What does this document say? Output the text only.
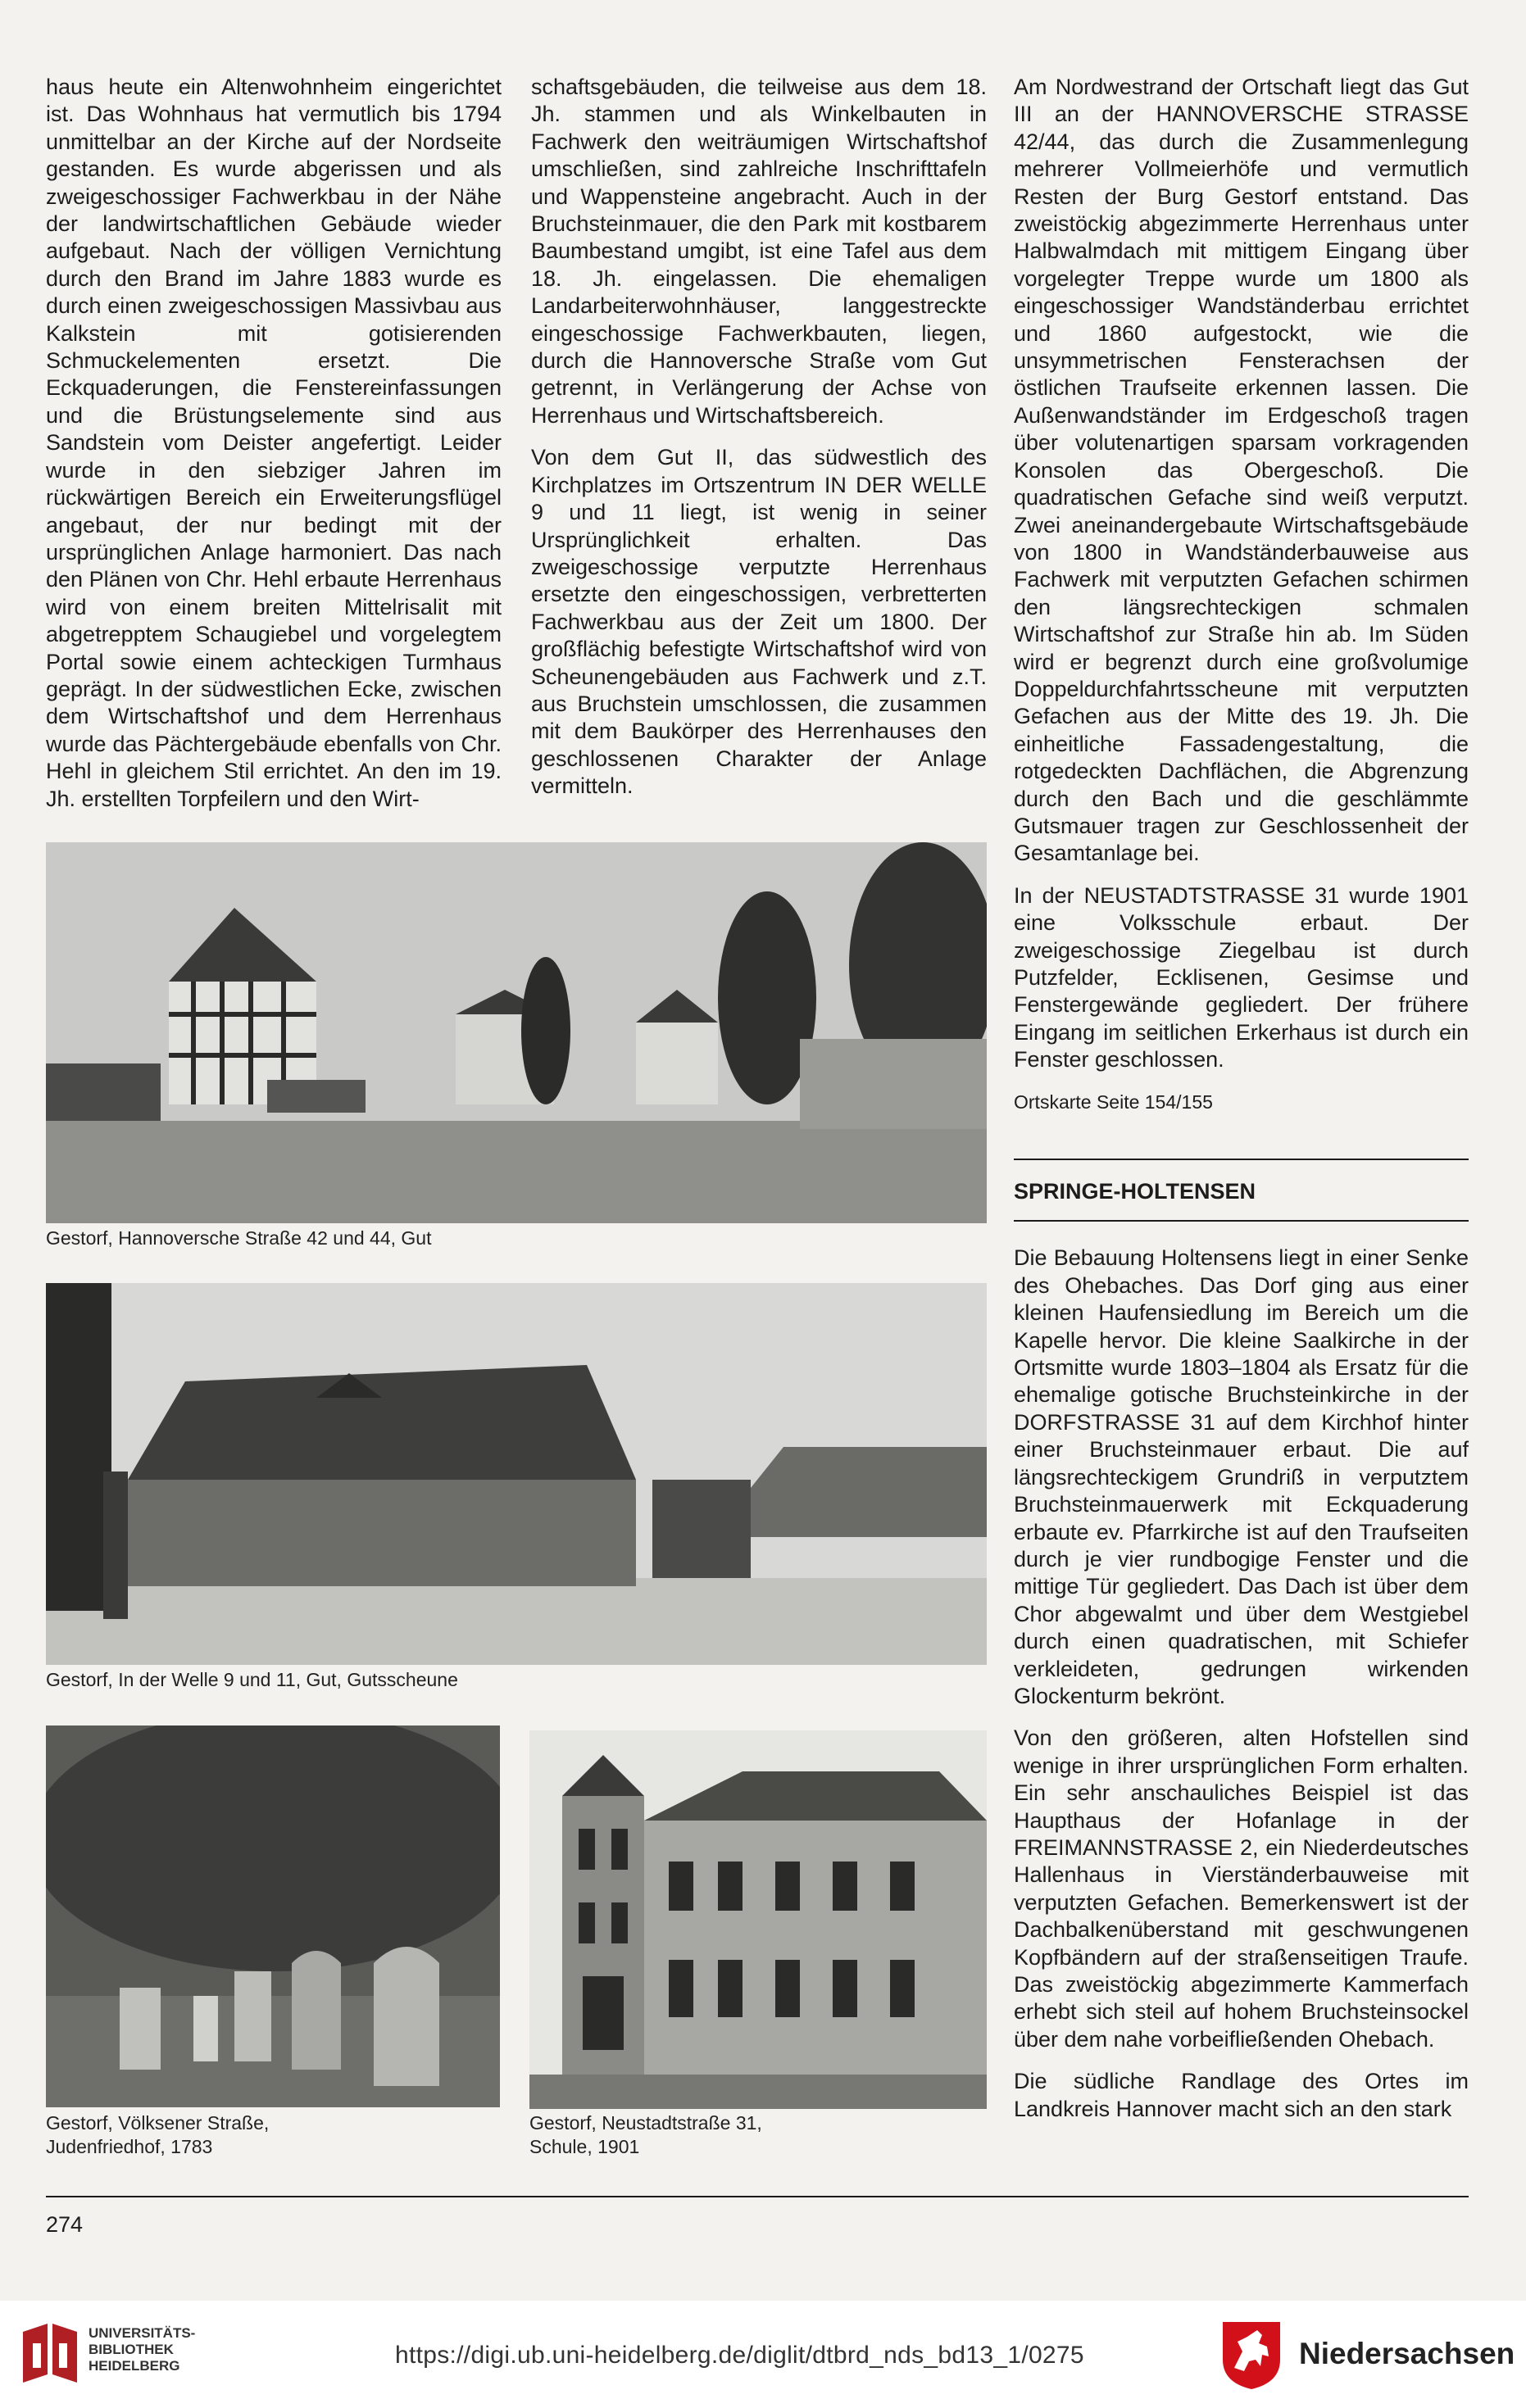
haus heute ein Altenwohnheim eingerichtet ist. Das Wohnhaus hat vermutlich bis 1794 unmittelbar an der Kirche auf der Nordseite gestanden. Es wurde abgerissen und als zweigeschossiger Fachwerkbau in der Nähe der landwirtschaftlichen Gebäude wieder aufgebaut. Nach der völligen Vernichtung durch den Brand im Jahre 1883 wurde es durch einen zweigeschossigen Massivbau aus Kalkstein mit gotisierenden Schmuckelementen ersetzt. Die Eckquaderungen, die Fenstereinfassungen und die Brüstungselemente sind aus Sandstein vom Deister angefertigt. Leider wurde in den siebziger Jahren im rückwärtigen Bereich ein Erweiterungsflügel angebaut, der nur bedingt mit der ursprünglichen Anlage harmoniert. Das nach den Plänen von Chr. Hehl erbaute Herrenhaus wird von einem breiten Mittelrisalit mit abgetrepptem Schaugiebel und vorgelegtem Portal sowie einem achteckigen Turmhaus geprägt. In der südwestlichen Ecke, zwischen dem Wirtschaftshof und dem Herrenhaus wurde das Pächtergebäude ebenfalls von Chr. Hehl in gleichem Stil errichtet. An den im 19. Jh. erstellten Torpfeilern und den Wirt-

schaftsgebäuden, die teilweise aus dem 18. Jh. stammen und als Winkelbauten in Fachwerk den weiträumigen Wirtschaftshof umschließen, sind zahlreiche Inschrifttafeln und Wappensteine angebracht. Auch in der Bruchsteinmauer, die den Park mit kostbarem Baumbestand umgibt, ist eine Tafel aus dem 18. Jh. eingelassen. Die ehemaligen Landarbeiterwohnhäuser, langgestreckte eingeschossige Fachwerkbauten, liegen, durch die Hannoversche Straße vom Gut getrennt, in Verlängerung der Achse von Herrenhaus und Wirtschaftsbereich.

Von dem Gut II, das südwestlich des Kirchplatzes im Ortszentrum IN DER WELLE 9 und 11 liegt, ist wenig in seiner Ursprünglichkeit erhalten. Das zweigeschossige verputzte Herrenhaus ersetzte den eingeschossigen, verbretterten Fachwerkbau aus der Zeit um 1800. Der großflächig befestigte Wirtschaftshof wird von Scheunengebäuden aus Fachwerk und z.T. aus Bruchstein umschlossen, die zusammen mit dem Baukörper des Herrenhauses den geschlossenen Charakter der Anlage vermitteln.

Am Nordwestrand der Ortschaft liegt das Gut III an der HANNOVERSCHE STRASSE 42/44, das durch die Zusammenlegung mehrerer Vollmeierhöfe und vermutlich Resten der Burg Gestorf entstand. Das zweistöckig abgezimmerte Herrenhaus unter Halbwalmdach mit mittigem Eingang über vorgelegter Treppe wurde um 1800 als eingeschossiger Wandständerbau errichtet und 1860 aufgestockt, wie die unsymmetrischen Fensterachsen der östlichen Traufseite erkennen lassen. Die Außenwandständer im Erdgeschoß tragen über volutenartigen sparsam vorkragenden Konsolen das Obergeschoß. Die quadratischen Gefache sind weiß verputzt. Zwei aneinandergebaute Wirtschaftsgebäude von 1800 in Wandständerbauweise aus Fachwerk mit verputzten Gefachen schirmen den längsrechteckigen schmalen Wirtschaftshof zur Straße hin ab. Im Süden wird er begrenzt durch eine großvolumige Doppeldurchfahrtsscheune mit verputzten Gefachen aus der Mitte des 19. Jh. Die einheitliche Fassadengestaltung, die rotgedeckten Dachflächen, die Abgrenzung durch den Bach und die geschlämmte Gutsmauer tragen zur Geschlossenheit der Gesamtanlage bei.

In der NEUSTADTSTRASSE 31 wurde 1901 eine Volksschule erbaut. Der zweigeschossige Ziegelbau ist durch Putzfelder, Ecklisenen, Gesimse und Fenstergewände gegliedert. Der frühere Eingang im seitlichen Erkerhaus ist durch ein Fenster geschlossen.

Ortskarte Seite 154/155

SPRINGE-HOLTENSEN

Die Bebauung Holtensens liegt in einer Senke des Ohebaches. Das Dorf ging aus einer kleinen Haufensiedlung im Bereich um die Kapelle hervor. Die kleine Saalkirche in der Ortsmitte wurde 1803–1804 als Ersatz für die ehemalige gotische Bruchsteinkirche in der DORFSTRASSE 31 auf dem Kirchhof hinter einer Bruchsteinmauer erbaut. Die auf längsrechteckigem Grundriß in verputztem Bruchsteinmauerwerk mit Eckquaderung erbaute ev. Pfarrkirche ist auf den Traufseiten durch je vier rundbogige Fenster und die mittige Tür gegliedert. Das Dach ist über dem Chor abgewalmt und über dem Westgiebel durch einen quadratischen, mit Schiefer verkleideten, gedrungen wirkenden Glockenturm bekrönt.

Von den größeren, alten Hofstellen sind wenige in ihrer ursprünglichen Form erhalten. Ein sehr anschauliches Beispiel ist das Haupthaus der Hofanlage in der FREIMANNSTRASSE 2, ein Niederdeutsches Hallenhaus in Vierständerbauweise mit verputzten Gefachen. Bemerkenswert ist der Dachbalkenüberstand mit geschwungenen Kopfbändern auf der straßenseitigen Traufe. Das zweistöckig abgezimmerte Kammerfach erhebt sich steil auf hohem Bruchsteinsockel über dem nahe vorbeifließenden Ohebach.

Die südliche Randlage des Ortes im Landkreis Hannover macht sich an den stark

Gestorf, Hannoversche Straße 42 und 44, Gut
Gestorf, In der Welle 9 und 11, Gut, Gutsscheune
Gestorf, Völksener Straße,
Judenfriedhof, 1783
Gestorf, Neustadtstraße 31,
Schule, 1901
274
UNIVERSITÄTS-
BIBLIOTHEK
HEIDELBERG	https://digi.ub.uni-heidelberg.de/diglit/dtbrd_nds_bd13_1/0275	Niedersachsen
